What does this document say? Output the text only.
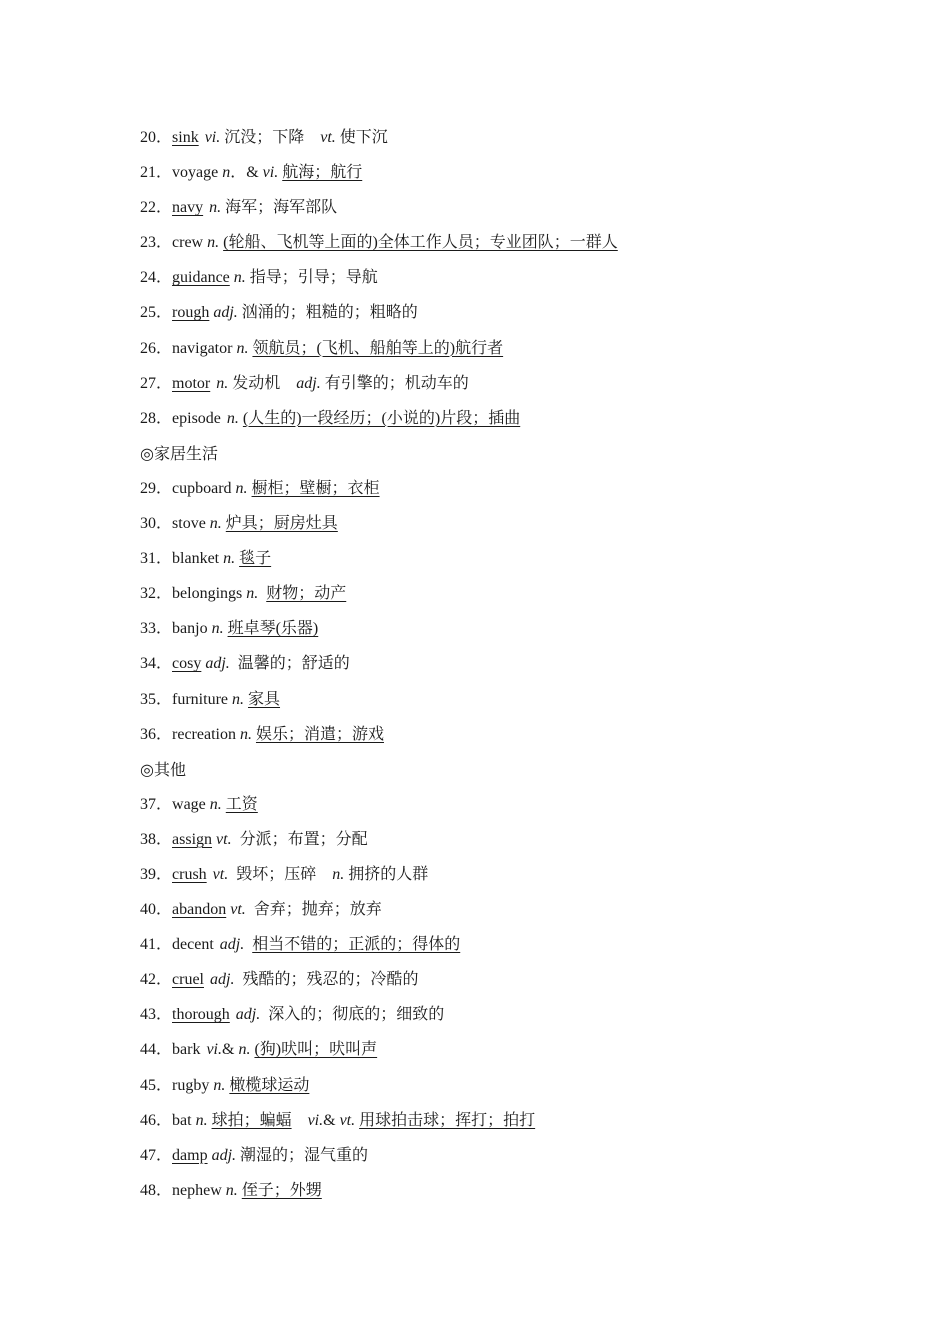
20．sink vi. 沉没；下降 vt. 使下沉
21．voyage n．& vi. 航海；航行
22．navy n. 海军；海军部队
23．crew n. (轮船、飞机等上面的)全体工作人员；专业团队；一群人
24．guidance n. 指导；引导；导航
25．rough adj. 汹涌的；粗糙的；粗略的
26．navigator n. 领航员；(飞机、船舶等上的)航行者
27．motor n. 发动机 adj. 有引擎的；机动车的
28．episode n. (人生的)一段经历；(小说的)片段；插曲
◎家居生活
29．cupboard n. 橱柜；壁橱；衣柜
30．stove n. 炉具；厨房灶具
31．blanket n. 毯子
32．belongings n. 财物；动产
33．banjo n. 班卓琴(乐器)
34．cosy adj.  温馨的；舒适的
35．furniture n. 家具
36．recreation n. 娱乐；消遣；游戏
◎其他
37．wage n. 工资
38．assign vt.  分派；布置；分配
39．crush vt.  毁坏；压碎 n. 拥挤的人群
40．abandon vt.  舍弃；抛弃；放弃
41．decent adj. 相当不错的；正派的；得体的
42．cruel adj.  残酷的；残忍的；冷酷的
43．thorough adj.  深入的；彻底的；细致的
44．bark vi.& n. (狗)吠叫；吠叫声
45．rugby n. 橄榄球运动
46．bat n. 球拍；蝙蝠 vi.& vt. 用球拍击球；挥打；拍打
47．damp adj. 潮湿的；湿气重的
48．nephew n. 侄子；外甥
